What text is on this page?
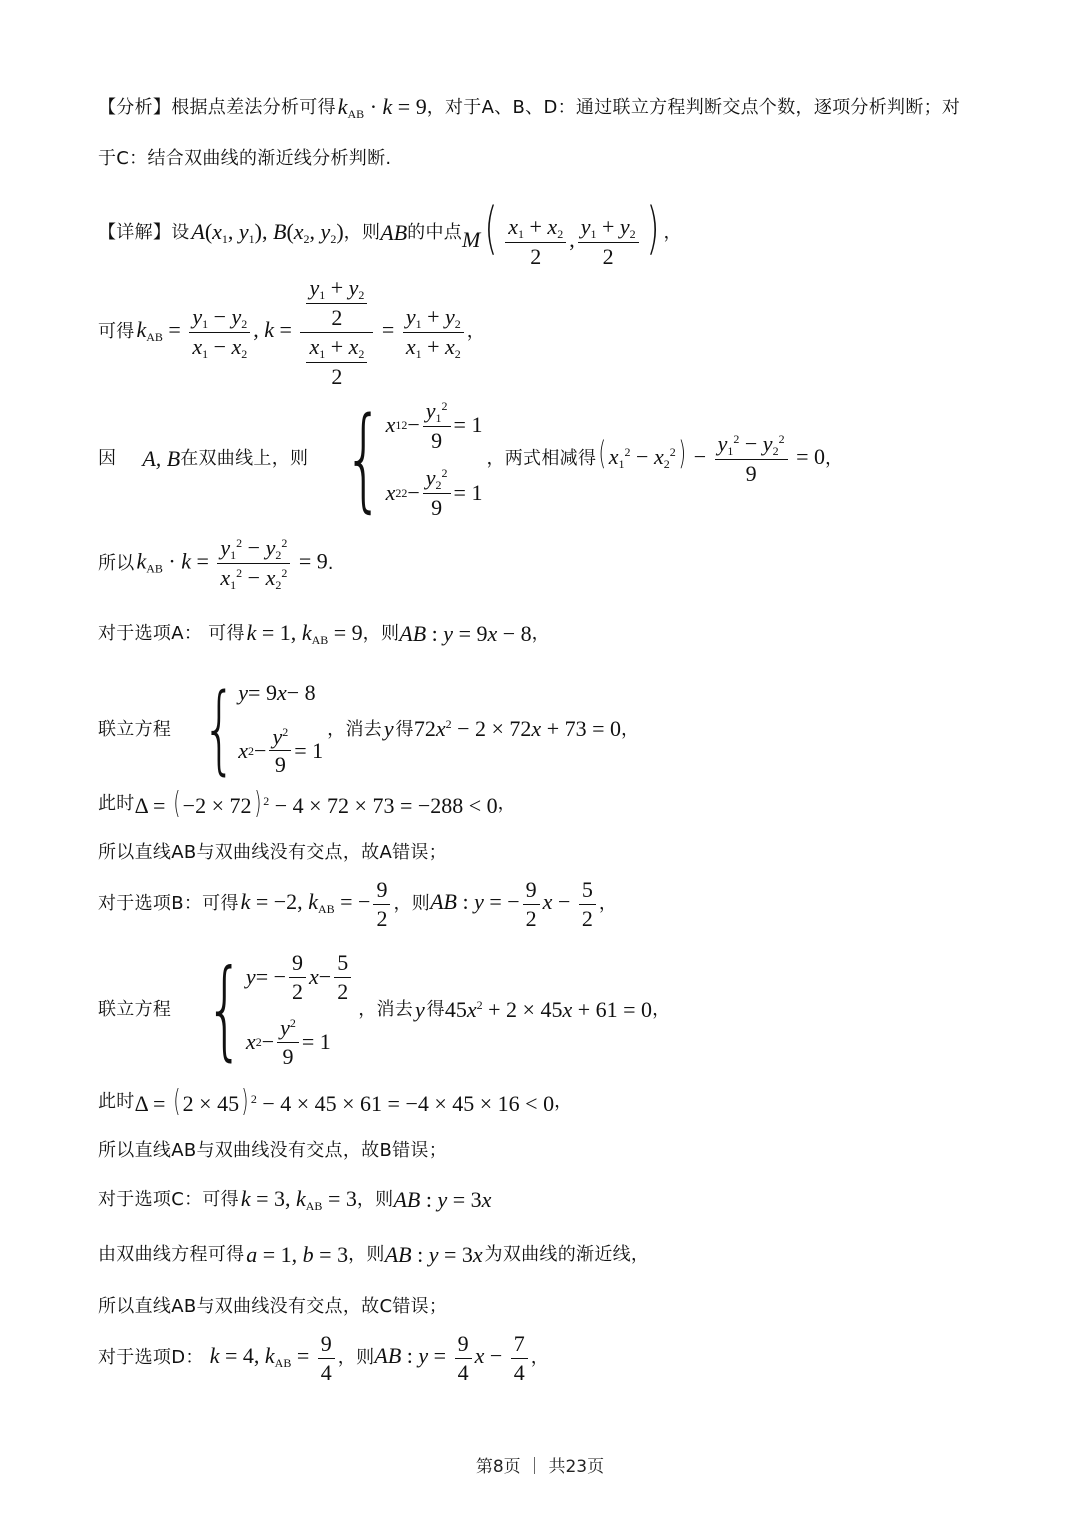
【分析】 根据点差法分析可得
  $k_{AB} \cdot k = 9$ ，对于A、B、D：通过联立方程判断交点个数，逐项分析判断；对
于C：结合双曲线的渐近线分析判断.
【详解】 设
  $A(x_1$, $y_1$), $B(x_2$, $y_2$) ，则 AB 的中点 $M( \frac{x_1 + x_2}{2}$ , $\frac{y_1 + y_2}{2}$ ) ，
可得
  $k_{AB} = \frac{y_1 - y_2}{x_1 - x_2}$ , $k = \frac{\frac{y_1 + y_2}{2}}{\frac{x_1 + x_2}{2}} = \frac{y_1 + y_2}{x_1 + x_2}$ ，
因 A, B 在双曲线上，则 { x 1 $2 - \frac{y_1^2}{9} = 1$
x 2 $2 - \frac{y_2^2}{9} = 1$
，两式相减得 ( $x_1^2 - x_2^2) - \frac{y_1^2 - y_2^2}{9} = 0$ ，
所以
  $k_{AB} \cdot k = \frac{y_1^2 - y_2^2}{x_1^2 - x_2^2} = 9$ .
对于选项A：
可得
  k = 1, $k_{AB} = 9$ ，则 AB : y = 9x − 8 ，
联立方程 { y = 9 x − 8
x $2 - \frac{y^2}{9} = 1$
，消去  y  得 $72x^2 - 2 \times 72x + 73 = 0$ ，
此时 Δ = ( −2 × 72) $^2$ − 4 × 72 × 73 = −288 < 0 ，
所以直线AB与双曲线没有交点，故A错误；
对于选项B：可得
  k = −2, $k_{AB}$ = − $\frac{9}{2}$ ，则 AB : y = − $\frac{9}{2}$ $x - \frac{5}{2}$ ，
联立方程 { y = − $\frac{9}{2}$ $x - \frac{5}{2}$
x $2 - \frac{y^2}{9} = 1$
，消去  y  得 $45x^2 + 2 \times 45x + 61 = 0$ ，
此时 Δ = ( 2 × 45) $^2$ − 4 × 45 × 61 = −4 × 45 × 16 < 0 ，
所以直线AB与双曲线没有交点，故B错误；
对于选项C：可得
  k = 3, $k_{AB} = 3$ ，则 AB : y = 3x
由双曲线方程可得
  a = 1, b = 3 ，则 AB : y = 3x  为双曲线的渐近线，
所以直线AB与双曲线没有交点，故C错误；
对于选项D：
k = 4, $k_{AB} = \frac{9}{4}$ ，则 AB : $y = \frac{9}{4}$ $x - \frac{7}{4}$ ，
第8页 ｜ 共23页
